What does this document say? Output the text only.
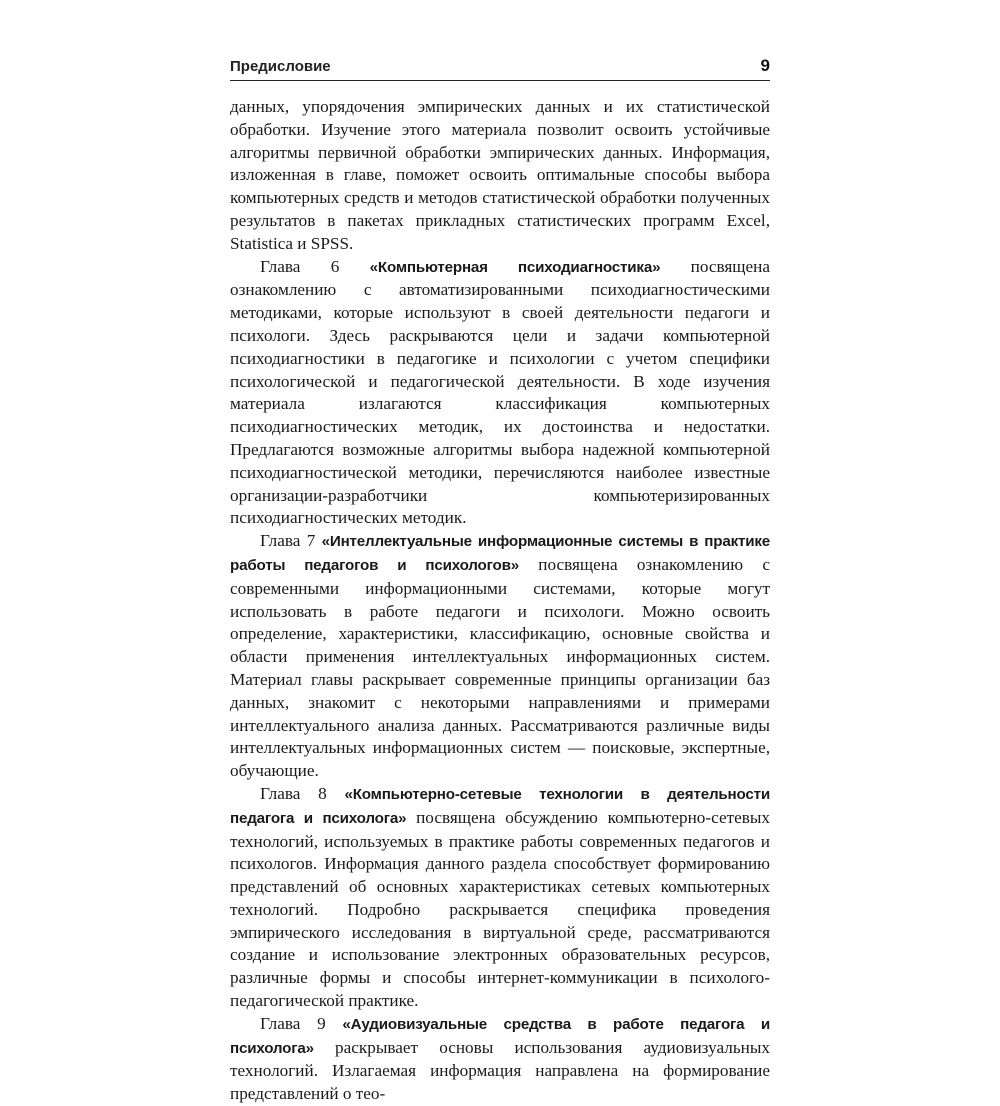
Предисловие	9

данных, упорядочения эмпирических данных и их статистической обработки. Изучение этого материала позволит освоить устойчивые алгоритмы первичной обработки эмпирических данных. Информация, изложенная в главе, поможет освоить оптимальные способы выбора компьютерных средств и методов статистической обработки полученных результатов в пакетах прикладных статистических программ Excel, Statistica и SPSS.

Глава 6 «Компьютерная психодиагностика» посвящена ознакомлению с автоматизированными психодиагностическими методиками, которые используют в своей деятельности педагоги и психологи. Здесь раскрываются цели и задачи компьютерной психодиагностики в педагогике и психологии с учетом специфики психологической и педагогической деятельности. В ходе изучения материала излагаются классификация компьютерных психодиагностических методик, их достоинства и недостатки. Предлагаются возможные алгоритмы выбора надежной компьютерной психодиагностической методики, перечисляются наиболее известные организации-разработчики компьютеризированных психодиагностических методик.

Глава 7 «Интеллектуальные информационные системы в практике работы педагогов и психологов» посвящена ознакомлению с современными информационными системами, которые могут использовать в работе педагоги и психологи. Можно освоить определение, характеристики, классификацию, основные свойства и области применения интеллектуальных информационных систем. Материал главы раскрывает современные принципы организации баз данных, знакомит с некоторыми направлениями и примерами интеллектуального анализа данных. Рассматриваются различные виды интеллектуальных информационных систем — поисковые, экспертные, обучающие.

Глава 8 «Компьютерно-сетевые технологии в деятельности педагога и психолога» посвящена обсуждению компьютерно-сетевых технологий, используемых в практике работы современных педагогов и психологов. Информация данного раздела способствует формированию представлений об основных характеристиках сетевых компьютерных технологий. Подробно раскрывается специфика проведения эмпирического исследования в виртуальной среде, рассматриваются создание и использование электронных образовательных ресурсов, различные формы и способы интернет-коммуникации в психолого-педагогической практике.

Глава 9 «Аудиовизуальные средства в работе педагога и психолога» раскрывает основы использования аудиовизуальных технологий. Излагаемая информация направлена на формирование представлений о тео-
